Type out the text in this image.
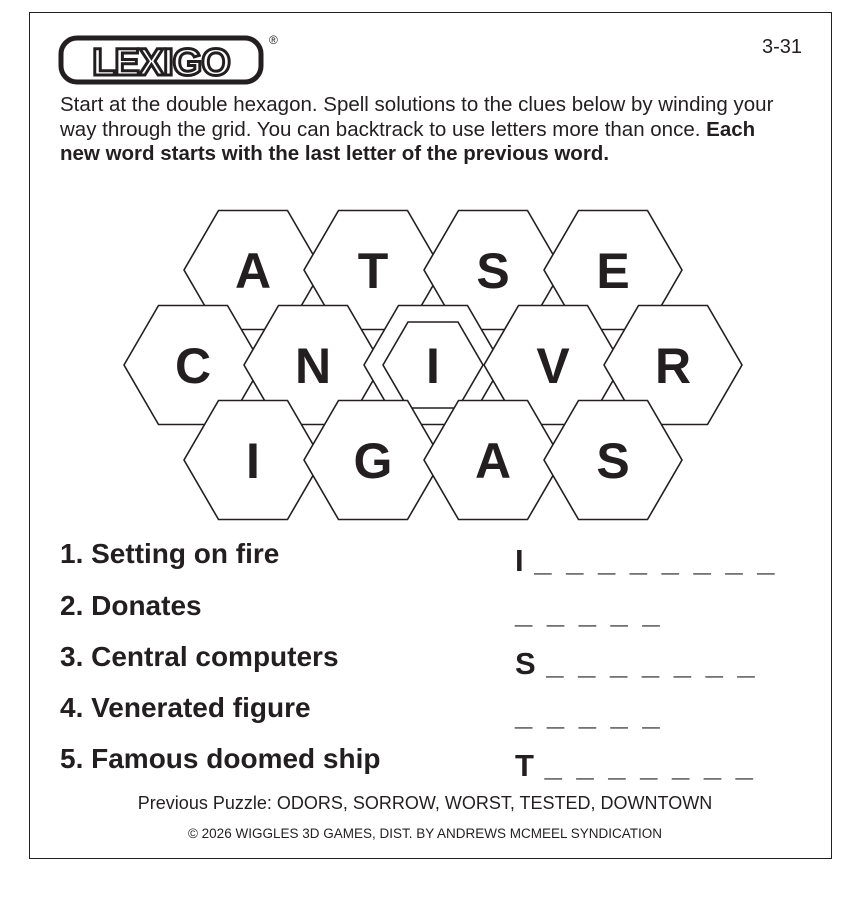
LEXIGO
®	3-31
Start at the double hexagon. Spell solutions to the clues below by winding your way through the grid. You can backtrack to use letters more than once. Each new word starts with the last letter of the previous word.
A T S E
C N I V R
I G A S
1. Setting on fire	I _ _ _ _ _ _ _ _
2. Donates	_ _ _ _ _
3. Central computers	S _ _ _ _ _ _ _
4. Venerated figure	_ _ _ _ _
5. Famous doomed ship	T _ _ _ _ _ _ _
Previous Puzzle: ODORS, SORROW, WORST, TESTED, DOWNTOWN
© 2026 WIGGLES 3D GAMES, DIST. BY ANDREWS MCMEEL SYNDICATION
